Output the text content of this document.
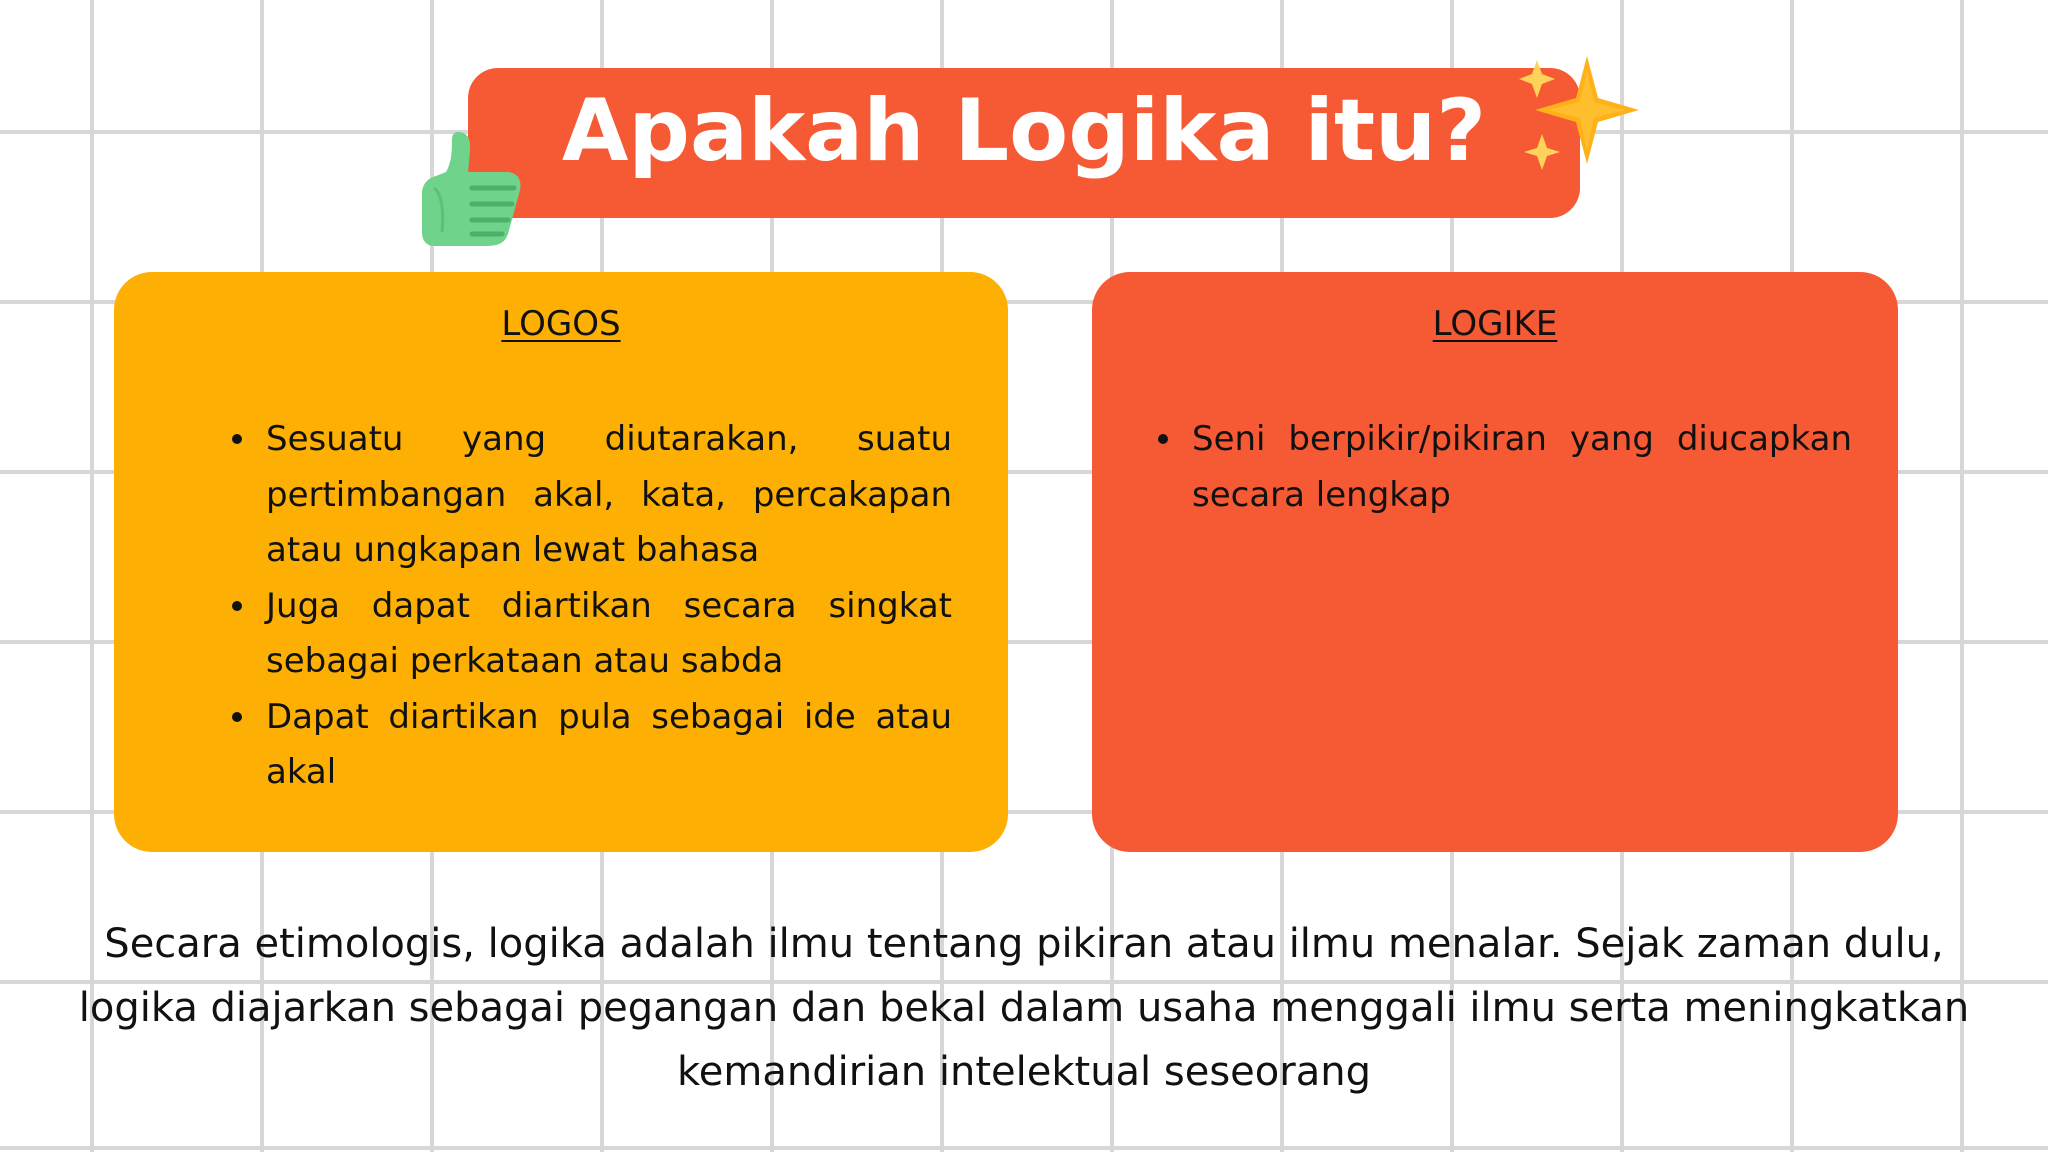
Apakah Logika itu?
LOGOS
Sesuatu yang diutarakan, suatu pertimbangan akal, kata, percakapan atau ungkapan lewat bahasa
Juga dapat diartikan secara singkat sebagai perkataan atau sabda
Dapat diartikan pula sebagai ide atau akal
LOGIKE
Seni berpikir/pikiran yang diucapkan secara lengkap

Secara etimologis, logika adalah ilmu tentang pikiran atau ilmu menalar. Sejak zaman dulu, logika diajarkan sebagai pegangan dan bekal dalam usaha menggali ilmu serta meningkatkan kemandirian intelektual seseorang
